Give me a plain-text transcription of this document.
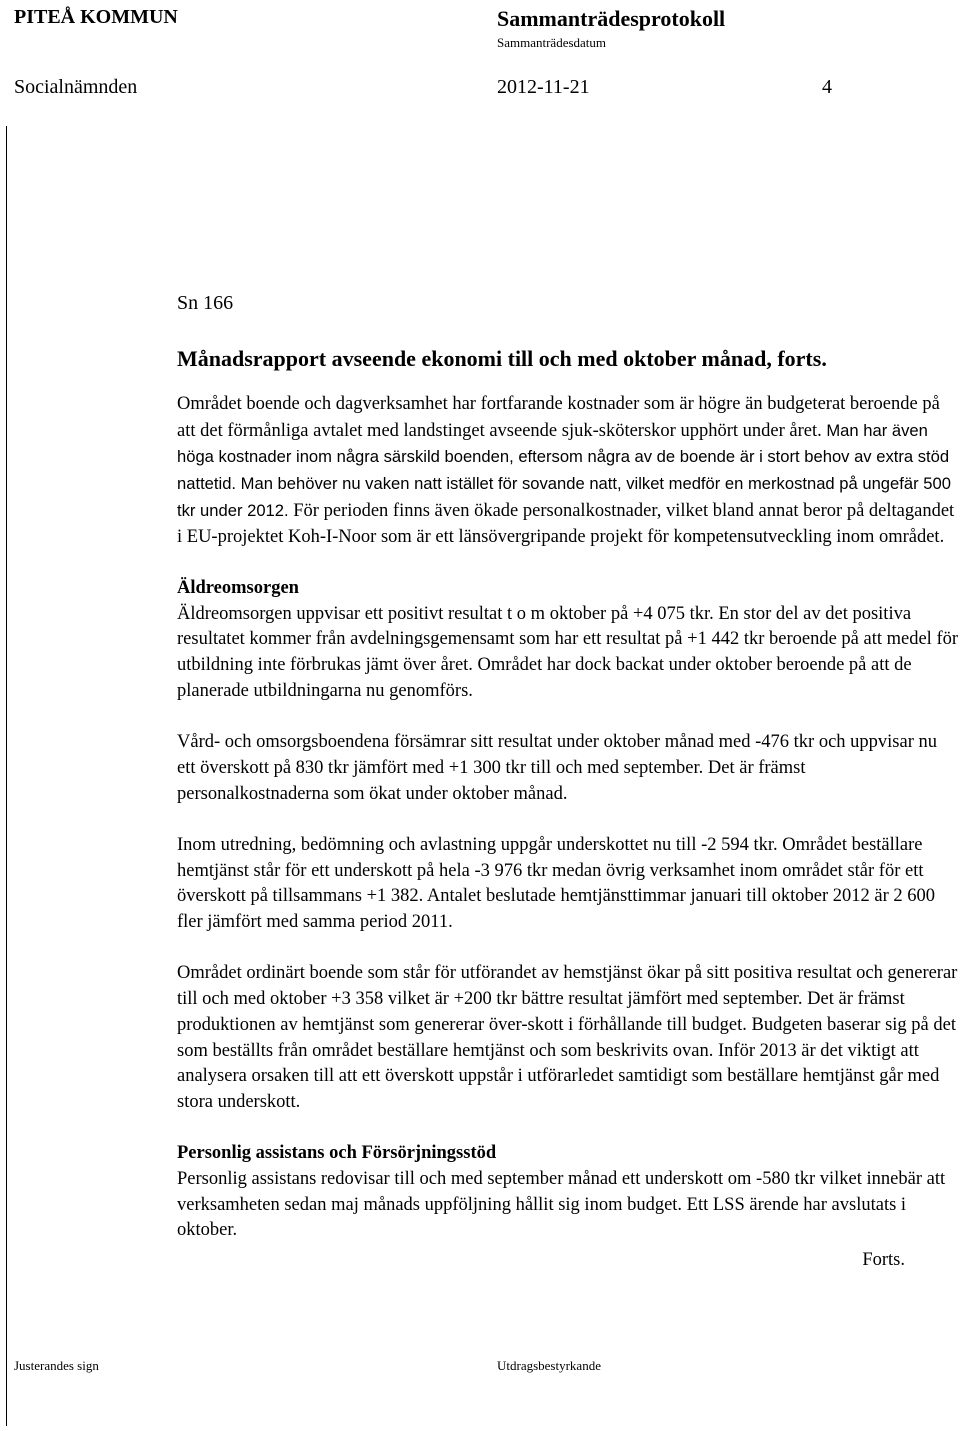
PITEÅ KOMMUN	Sammanträdesprotokoll
Sammanträdesdatum
Socialnämnden	2012-11-21	4
Sn 166
Månadsrapport avseende ekonomi till och med oktober månad, forts.

Området boende och dagverksamhet har fortfarande kostnader som är högre än budgeterat beroende på att det förmånliga avtalet med landstinget avseende sjuk-sköterskor upphört under året. Man har även höga kostnader inom några särskild boenden, eftersom några av de boende är i stort behov av extra stöd nattetid. Man behöver nu vaken natt istället för sovande natt, vilket medför en merkostnad på ungefär 500 tkr under 2012. För perioden finns även ökade personalkostnader, vilket bland annat beror på deltagandet i EU-projektet Koh-I-Noor som är ett länsövergripande projekt för kompetensutveckling inom området.

Äldreomsorgen

Äldreomsorgen uppvisar ett positivt resultat t o m oktober på +4 075 tkr. En stor del av det positiva resultatet kommer från avdelningsgemensamt som har ett resultat på +1 442 tkr beroende på att medel för utbildning inte förbrukas jämt över året. Området har dock backat under oktober beroende på att de planerade utbildningarna nu genomförs.

Vård- och omsorgsboendena försämrar sitt resultat under oktober månad med -476 tkr och uppvisar nu ett överskott på 830 tkr jämfört med +1 300 tkr till och med september. Det är främst personalkostnaderna som ökat under oktober månad.

Inom utredning, bedömning och avlastning uppgår underskottet nu till -2 594 tkr. Området beställare hemtjänst står för ett underskott på hela -3 976 tkr medan övrig verksamhet inom området står för ett överskott på tillsammans +1 382. Antalet beslutade hemtjänsttimmar januari till oktober 2012 är 2 600 fler jämfört med samma period 2011.

Området ordinärt boende som står för utförandet av hemstjänst ökar på sitt positiva resultat och genererar till och med oktober +3 358 vilket är +200 tkr bättre resultat jämfört med september. Det är främst produktionen av hemtjänst som genererar över-skott i förhållande till budget. Budgeten baserar sig på det som beställts från området beställare hemtjänst och som beskrivits ovan. Inför 2013 är det viktigt att analysera orsaken till att ett överskott uppstår i utförarledet samtidigt som beställare hemtjänst går med stora underskott.

Personlig assistans och Försörjningsstöd

Personlig assistans redovisar till och med september månad ett underskott om -580 tkr vilket innebär att verksamheten sedan maj månads uppföljning hållit sig inom budget. Ett LSS ärende har avslutats i oktober.

Forts.

Justerandes sign	Utdragsbestyrkande
